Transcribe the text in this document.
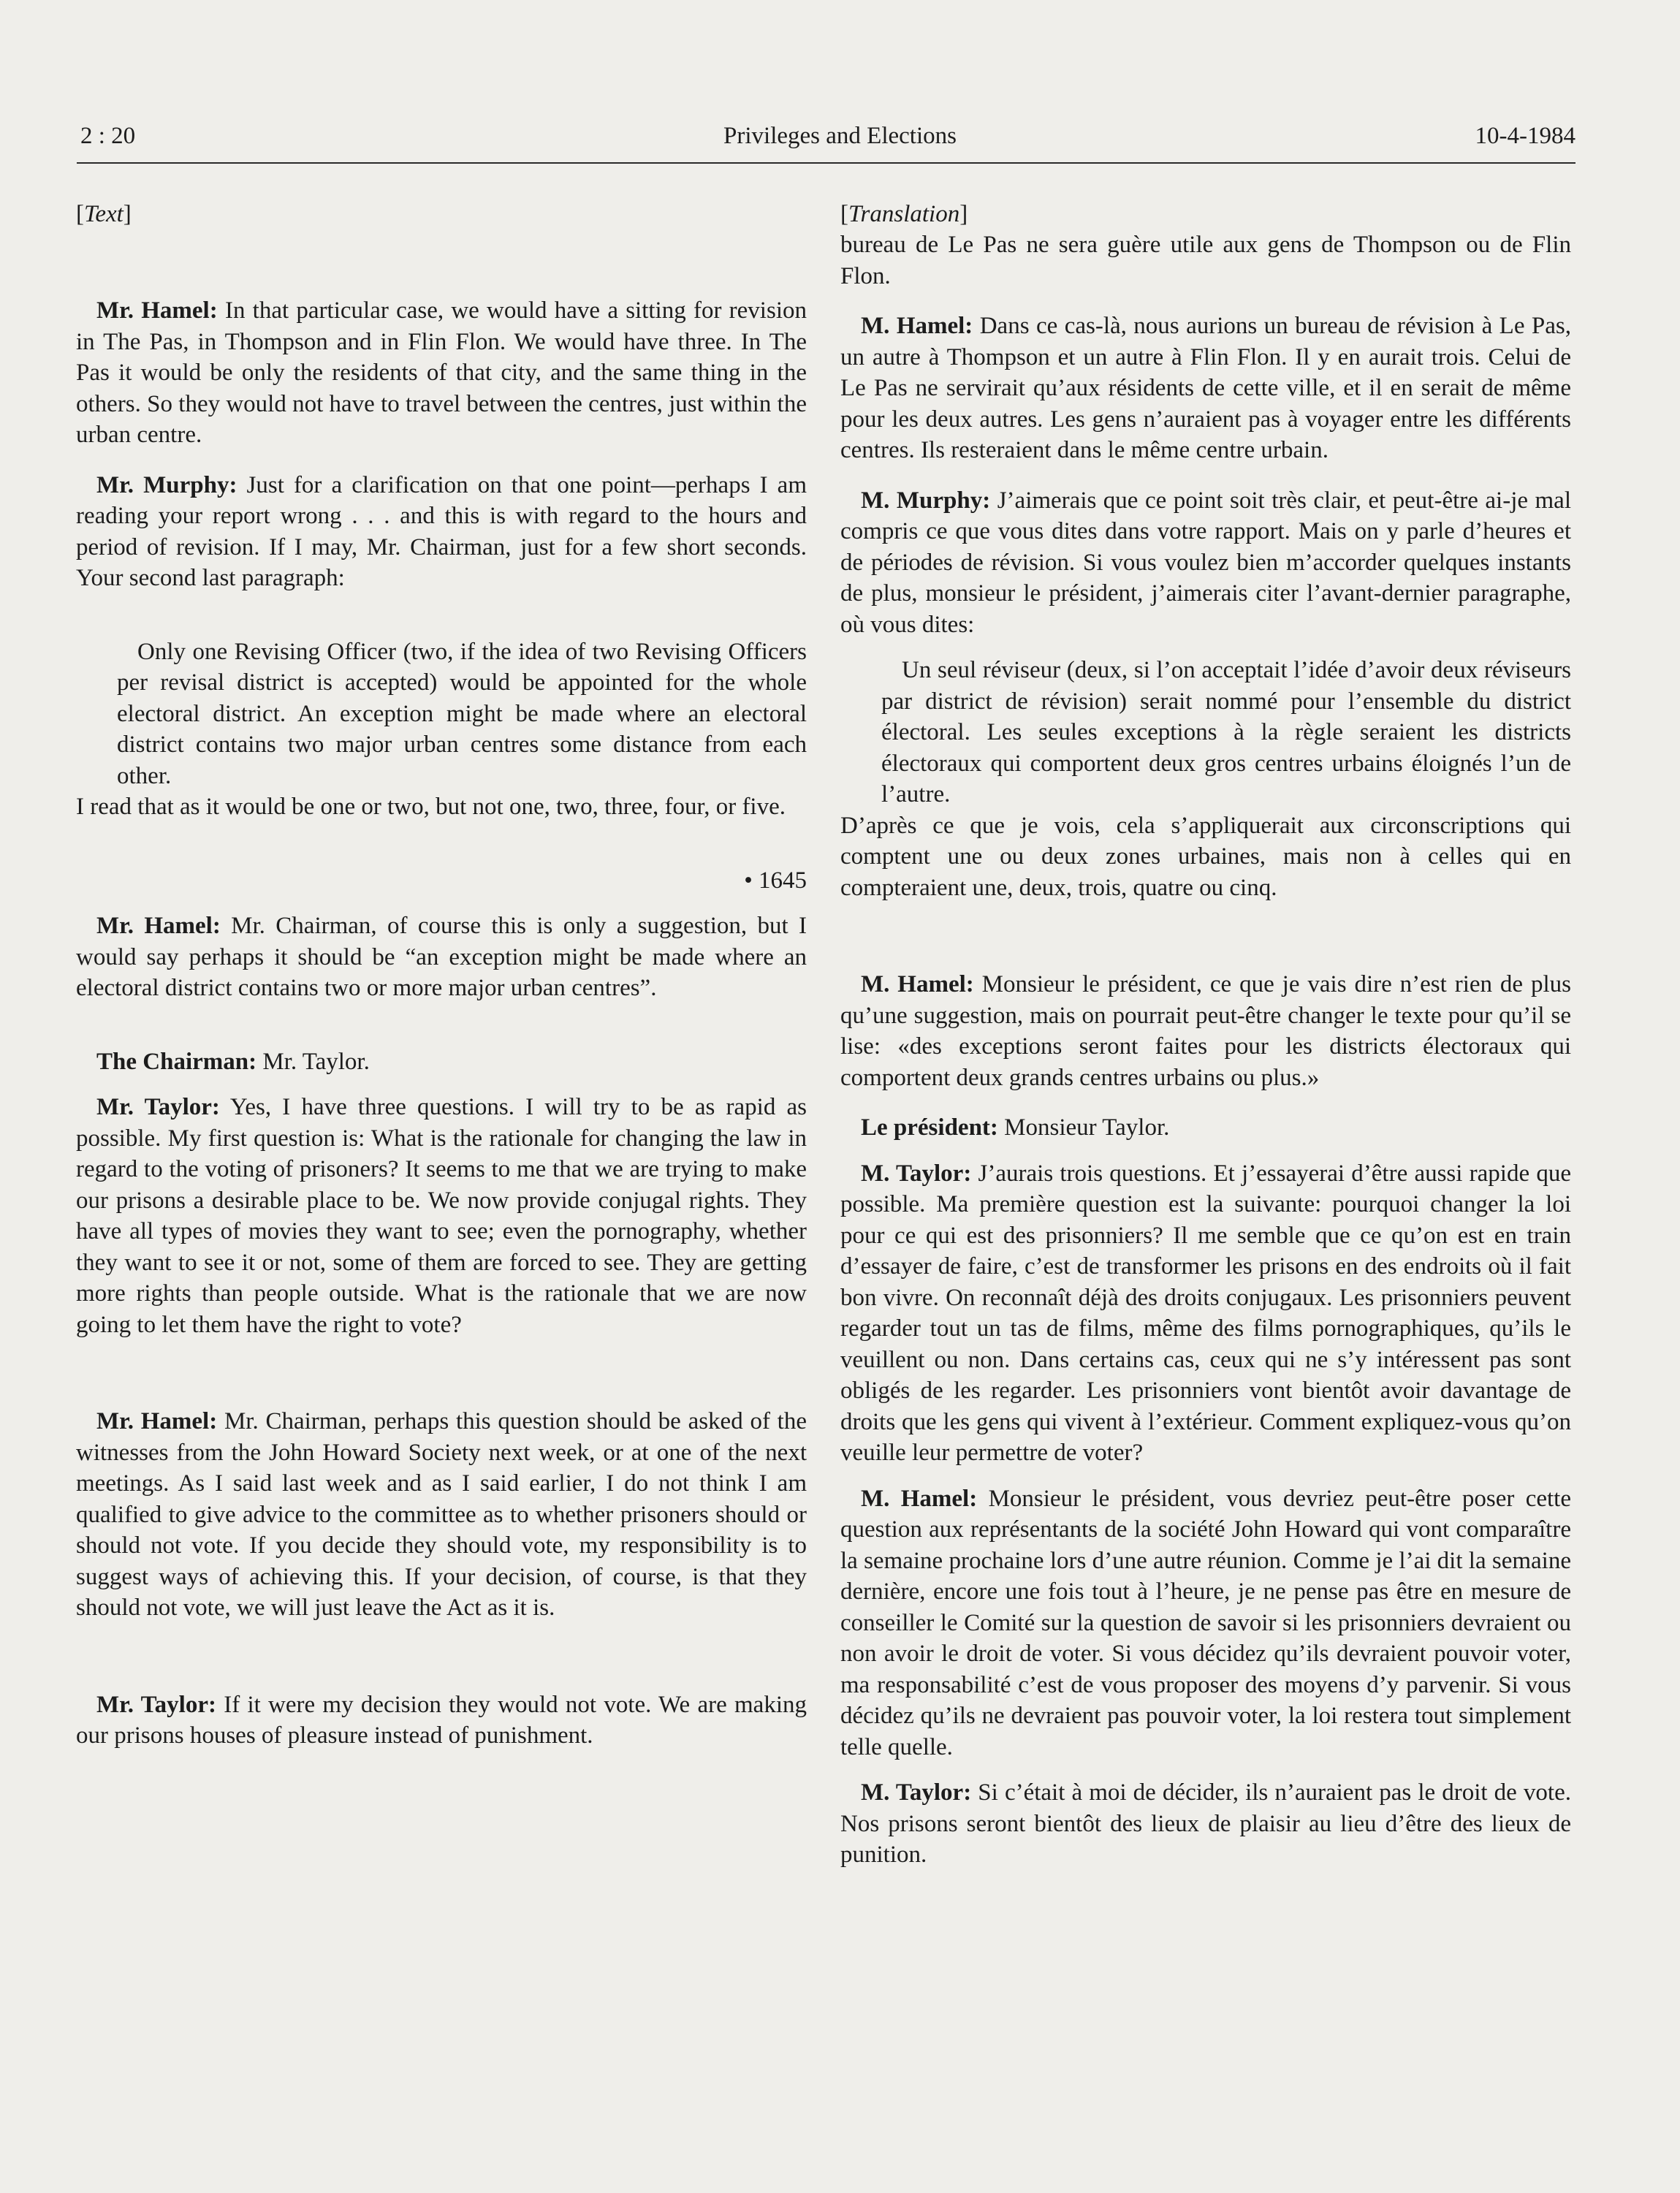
2 : 20	Privileges and Elections	10-4-1984
[Text]

Mr. Hamel: In that particular case, we would have a sitting for revision in The Pas, in Thompson and in Flin Flon. We would have three. In The Pas it would be only the residents of that city, and the same thing in the others. So they would not have to travel between the centres, just within the urban centre.

Mr. Murphy: Just for a clarification on that one point—perhaps I am reading your report wrong . . . and this is with regard to the hours and period of revision. If I may, Mr. Chairman, just for a few short seconds. Your second last paragraph:

Only one Revising Officer (two, if the idea of two Revising Officers per revisal district is accepted) would be appointed for the whole electoral district. An exception might be made where an electoral district contains two major urban centres some distance from each other.

I read that as it would be one or two, but not one, two, three, four, or five.

• 1645

Mr. Hamel: Mr. Chairman, of course this is only a suggestion, but I would say perhaps it should be “an exception might be made where an electoral district contains two or more major urban centres”.

The Chairman: Mr. Taylor.

Mr. Taylor: Yes, I have three questions. I will try to be as rapid as possible. My first question is: What is the rationale for changing the law in regard to the voting of prisoners? It seems to me that we are trying to make our prisons a desirable place to be. We now provide conjugal rights. They have all types of movies they want to see; even the pornography, whether they want to see it or not, some of them are forced to see. They are getting more rights than people outside. What is the rationale that we are now going to let them have the right to vote?

Mr. Hamel: Mr. Chairman, perhaps this question should be asked of the witnesses from the John Howard Society next week, or at one of the next meetings. As I said last week and as I said earlier, I do not think I am qualified to give advice to the committee as to whether prisoners should or should not vote. If you decide they should vote, my responsibility is to suggest ways of achieving this. If your decision, of course, is that they should not vote, we will just leave the Act as it is.

Mr. Taylor: If it were my decision they would not vote. We are making our prisons houses of pleasure instead of punishment.

[Translation]

bureau de Le Pas ne sera guère utile aux gens de Thompson ou de Flin Flon.

M. Hamel: Dans ce cas-là, nous aurions un bureau de révision à Le Pas, un autre à Thompson et un autre à Flin Flon. Il y en aurait trois. Celui de Le Pas ne servirait qu’aux résidents de cette ville, et il en serait de même pour les deux autres. Les gens n’auraient pas à voyager entre les différents centres. Ils resteraient dans le même centre urbain.

M. Murphy: J’aimerais que ce point soit très clair, et peut-être ai-je mal compris ce que vous dites dans votre rapport. Mais on y parle d’heures et de périodes de révision. Si vous voulez bien m’accorder quelques instants de plus, monsieur le président, j’aimerais citer l’avant-dernier paragraphe, où vous dites:

Un seul réviseur (deux, si l’on acceptait l’idée d’avoir deux réviseurs par district de révision) serait nommé pour l’ensemble du district électoral. Les seules exceptions à la règle seraient les districts électoraux qui comportent deux gros centres urbains éloignés l’un de l’autre.

D’après ce que je vois, cela s’appliquerait aux circonscriptions qui comptent une ou deux zones urbaines, mais non à celles qui en compteraient une, deux, trois, quatre ou cinq.

M. Hamel: Monsieur le président, ce que je vais dire n’est rien de plus qu’une suggestion, mais on pourrait peut-être changer le texte pour qu’il se lise: «des exceptions seront faites pour les districts électoraux qui comportent deux grands centres urbains ou plus.»

Le président: Monsieur Taylor.

M. Taylor: J’aurais trois questions. Et j’essayerai d’être aussi rapide que possible. Ma première question est la suivante: pourquoi changer la loi pour ce qui est des prisonniers? Il me semble que ce qu’on est en train d’essayer de faire, c’est de transformer les prisons en des endroits où il fait bon vivre. On reconnaît déjà des droits conjugaux. Les prisonniers peuvent regarder tout un tas de films, même des films pornographiques, qu’ils le veuillent ou non. Dans certains cas, ceux qui ne s’y intéressent pas sont obligés de les regarder. Les prisonniers vont bientôt avoir davantage de droits que les gens qui vivent à l’extérieur. Comment expliquez-vous qu’on veuille leur permettre de voter?

M. Hamel: Monsieur le président, vous devriez peut-être poser cette question aux représentants de la société John Howard qui vont comparaître la semaine prochaine lors d’une autre réunion. Comme je l’ai dit la semaine dernière, encore une fois tout à l’heure, je ne pense pas être en mesure de conseiller le Comité sur la question de savoir si les prisonniers devraient ou non avoir le droit de voter. Si vous décidez qu’ils devraient pouvoir voter, ma responsabilité c’est de vous proposer des moyens d’y parvenir. Si vous décidez qu’ils ne devraient pas pouvoir voter, la loi restera tout simplement telle quelle.

M. Taylor: Si c’était à moi de décider, ils n’auraient pas le droit de vote. Nos prisons seront bientôt des lieux de plaisir au lieu d’être des lieux de punition.
